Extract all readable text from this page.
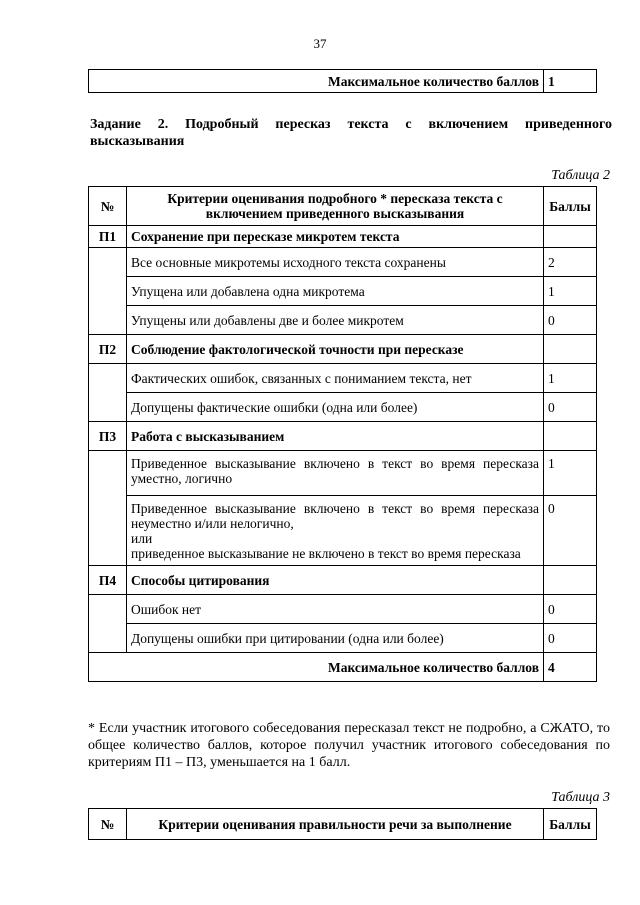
37
Максимальное количество баллов	1
Задание 2. Подробный пересказ текста с включением приведенного высказывания
Таблица 2
№	Критерии оценивания подробного * пересказа текста с включением приведенного высказывания	Баллы
П1	Сохранение при пересказе микротем текста	
	Все основные микротемы исходного текста сохранены	2
	Упущена или добавлена одна микротема	1
	Упущены или добавлены две и более микротем	0
П2	Соблюдение фактологической точности при пересказе	
	Фактических ошибок, связанных с пониманием текста, нет	1
	Допущены фактические ошибки (одна или более)	0
П3	Работа с высказыванием	
	Приведенное высказывание включено в текст во время пересказа уместно, логично	1

	Приведенное высказывание включено в текст во время пересказа неуместно и/или нелогично,
или
приведенное высказывание не включено в текст во время пересказа	0
П4	Способы цитирования	
	Ошибок нет	0
	Допущены ошибки при цитировании (одна или более)	0
Максимальное количество баллов		4
* Если участник итогового собеседования пересказал текст не подробно, а СЖАТО, то общее количество баллов, которое получил участник итогового собеседования по критериям П1 – П3, уменьшается на 1 балл.
Таблица 3
№	Критерии оценивания правильности речи за выполнение	Баллы
